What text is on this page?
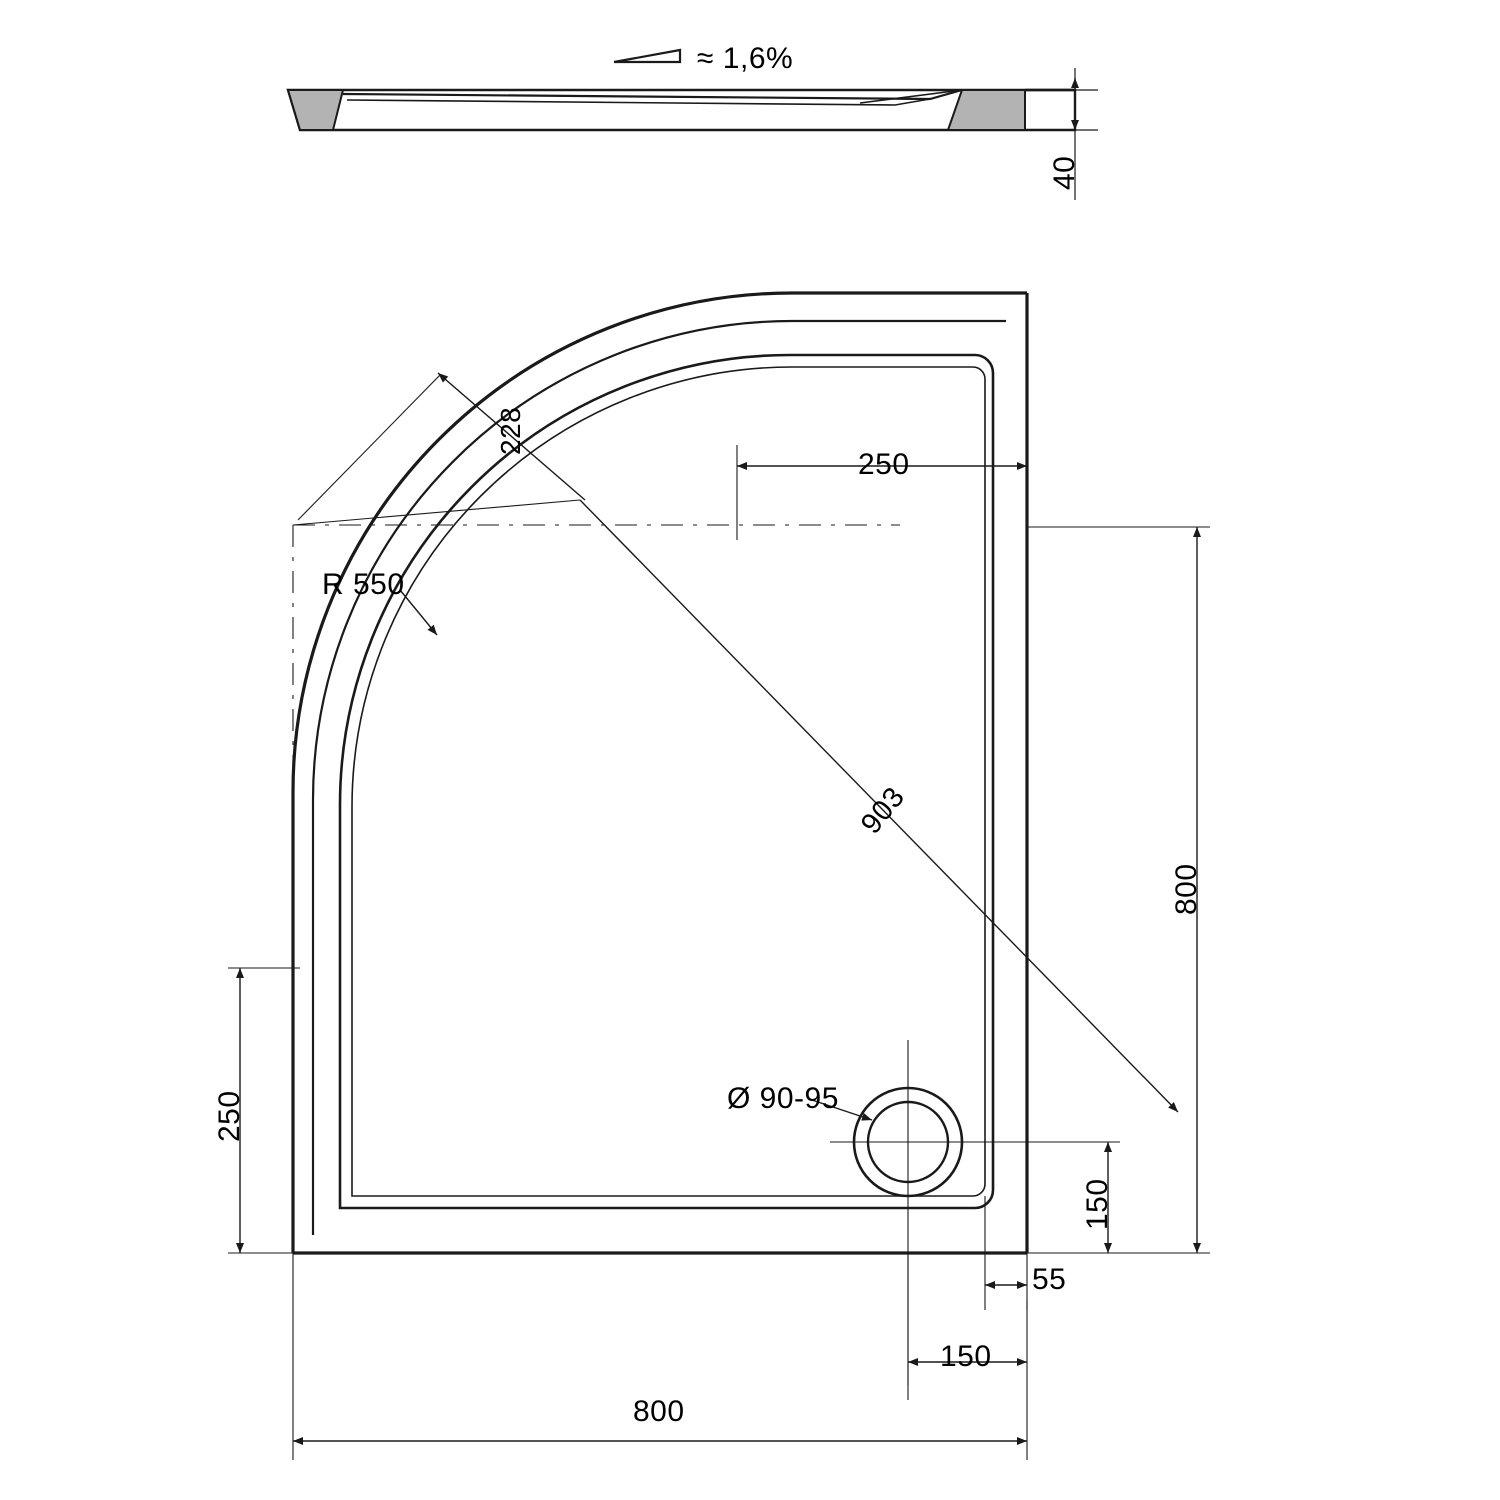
≈ 1,6%
40
228
R 550
250
903
800
250	Ø 90-95
150
55
150
800
